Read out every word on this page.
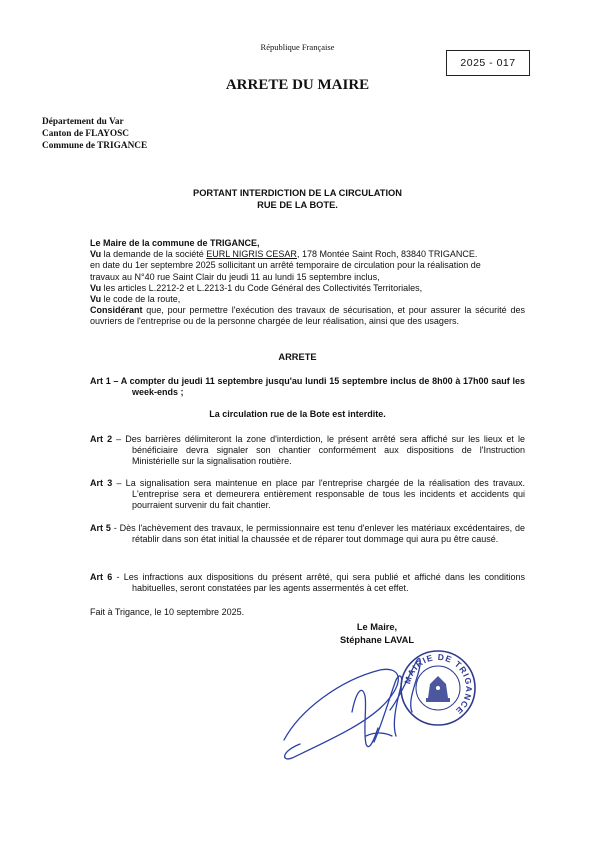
République Française
2025 - 017
ARRETE DU MAIRE
Département du Var
Canton de FLAYOSC
Commune de TRIGANCE
PORTANT INTERDICTION DE LA CIRCULATION
RUE DE LA BOTE.
Le Maire de la commune de TRIGANCE,
Vu la demande de la société EURL NIGRIS CESAR, 178 Montée Saint Roch, 83840 TRIGANCE.
en date du 1er septembre 2025 sollicitant un arrêté temporaire de circulation pour la réalisation de
travaux au N°40 rue Saint Clair du jeudi 11 au lundi 15 septembre inclus,
Vu les articles L.2212-2 et L.2213-1 du Code Général des Collectivités Territoriales,
Vu le code de la route,
Considérant que, pour permettre l'exécution des travaux de sécurisation, et pour assurer la sécurité des ouvriers de l'entreprise ou de la personne chargée de leur réalisation, ainsi que des usagers.
ARRETE
Art 1 – A compter du jeudi 11 septembre jusqu'au lundi 15 septembre inclus de 8h00 à 17h00 sauf les week-ends ;
La circulation rue de la Bote est interdite.
Art 2 – Des barrières délimiteront la zone d'interdiction, le présent arrêté sera affiché sur les lieux et le bénéficiaire devra signaler son chantier conformément aux dispositions de l'Instruction Ministérielle sur la signalisation routière.
Art 3 – La signalisation sera maintenue en place par l'entreprise chargée de la réalisation des travaux. L'entreprise sera et demeurera entièrement responsable de tous les incidents et accidents qui pourraient survenir du fait chantier.
Art 5 - Dès l'achèvement des travaux, le permissionnaire est tenu d'enlever les matériaux excédentaires, de rétablir dans son état initial la chaussée et de réparer tout dommage qui aura pu être causé.
Art 6 - Les infractions aux dispositions du présent arrêté, qui sera publié et affiché dans les conditions habituelles, seront constatées par les agents assermentés à cet effet.
Fait à Trigance, le 10 septembre 2025.
Le Maire,
Stéphane LAVAL
MAIRIE DE TRIGANCE
